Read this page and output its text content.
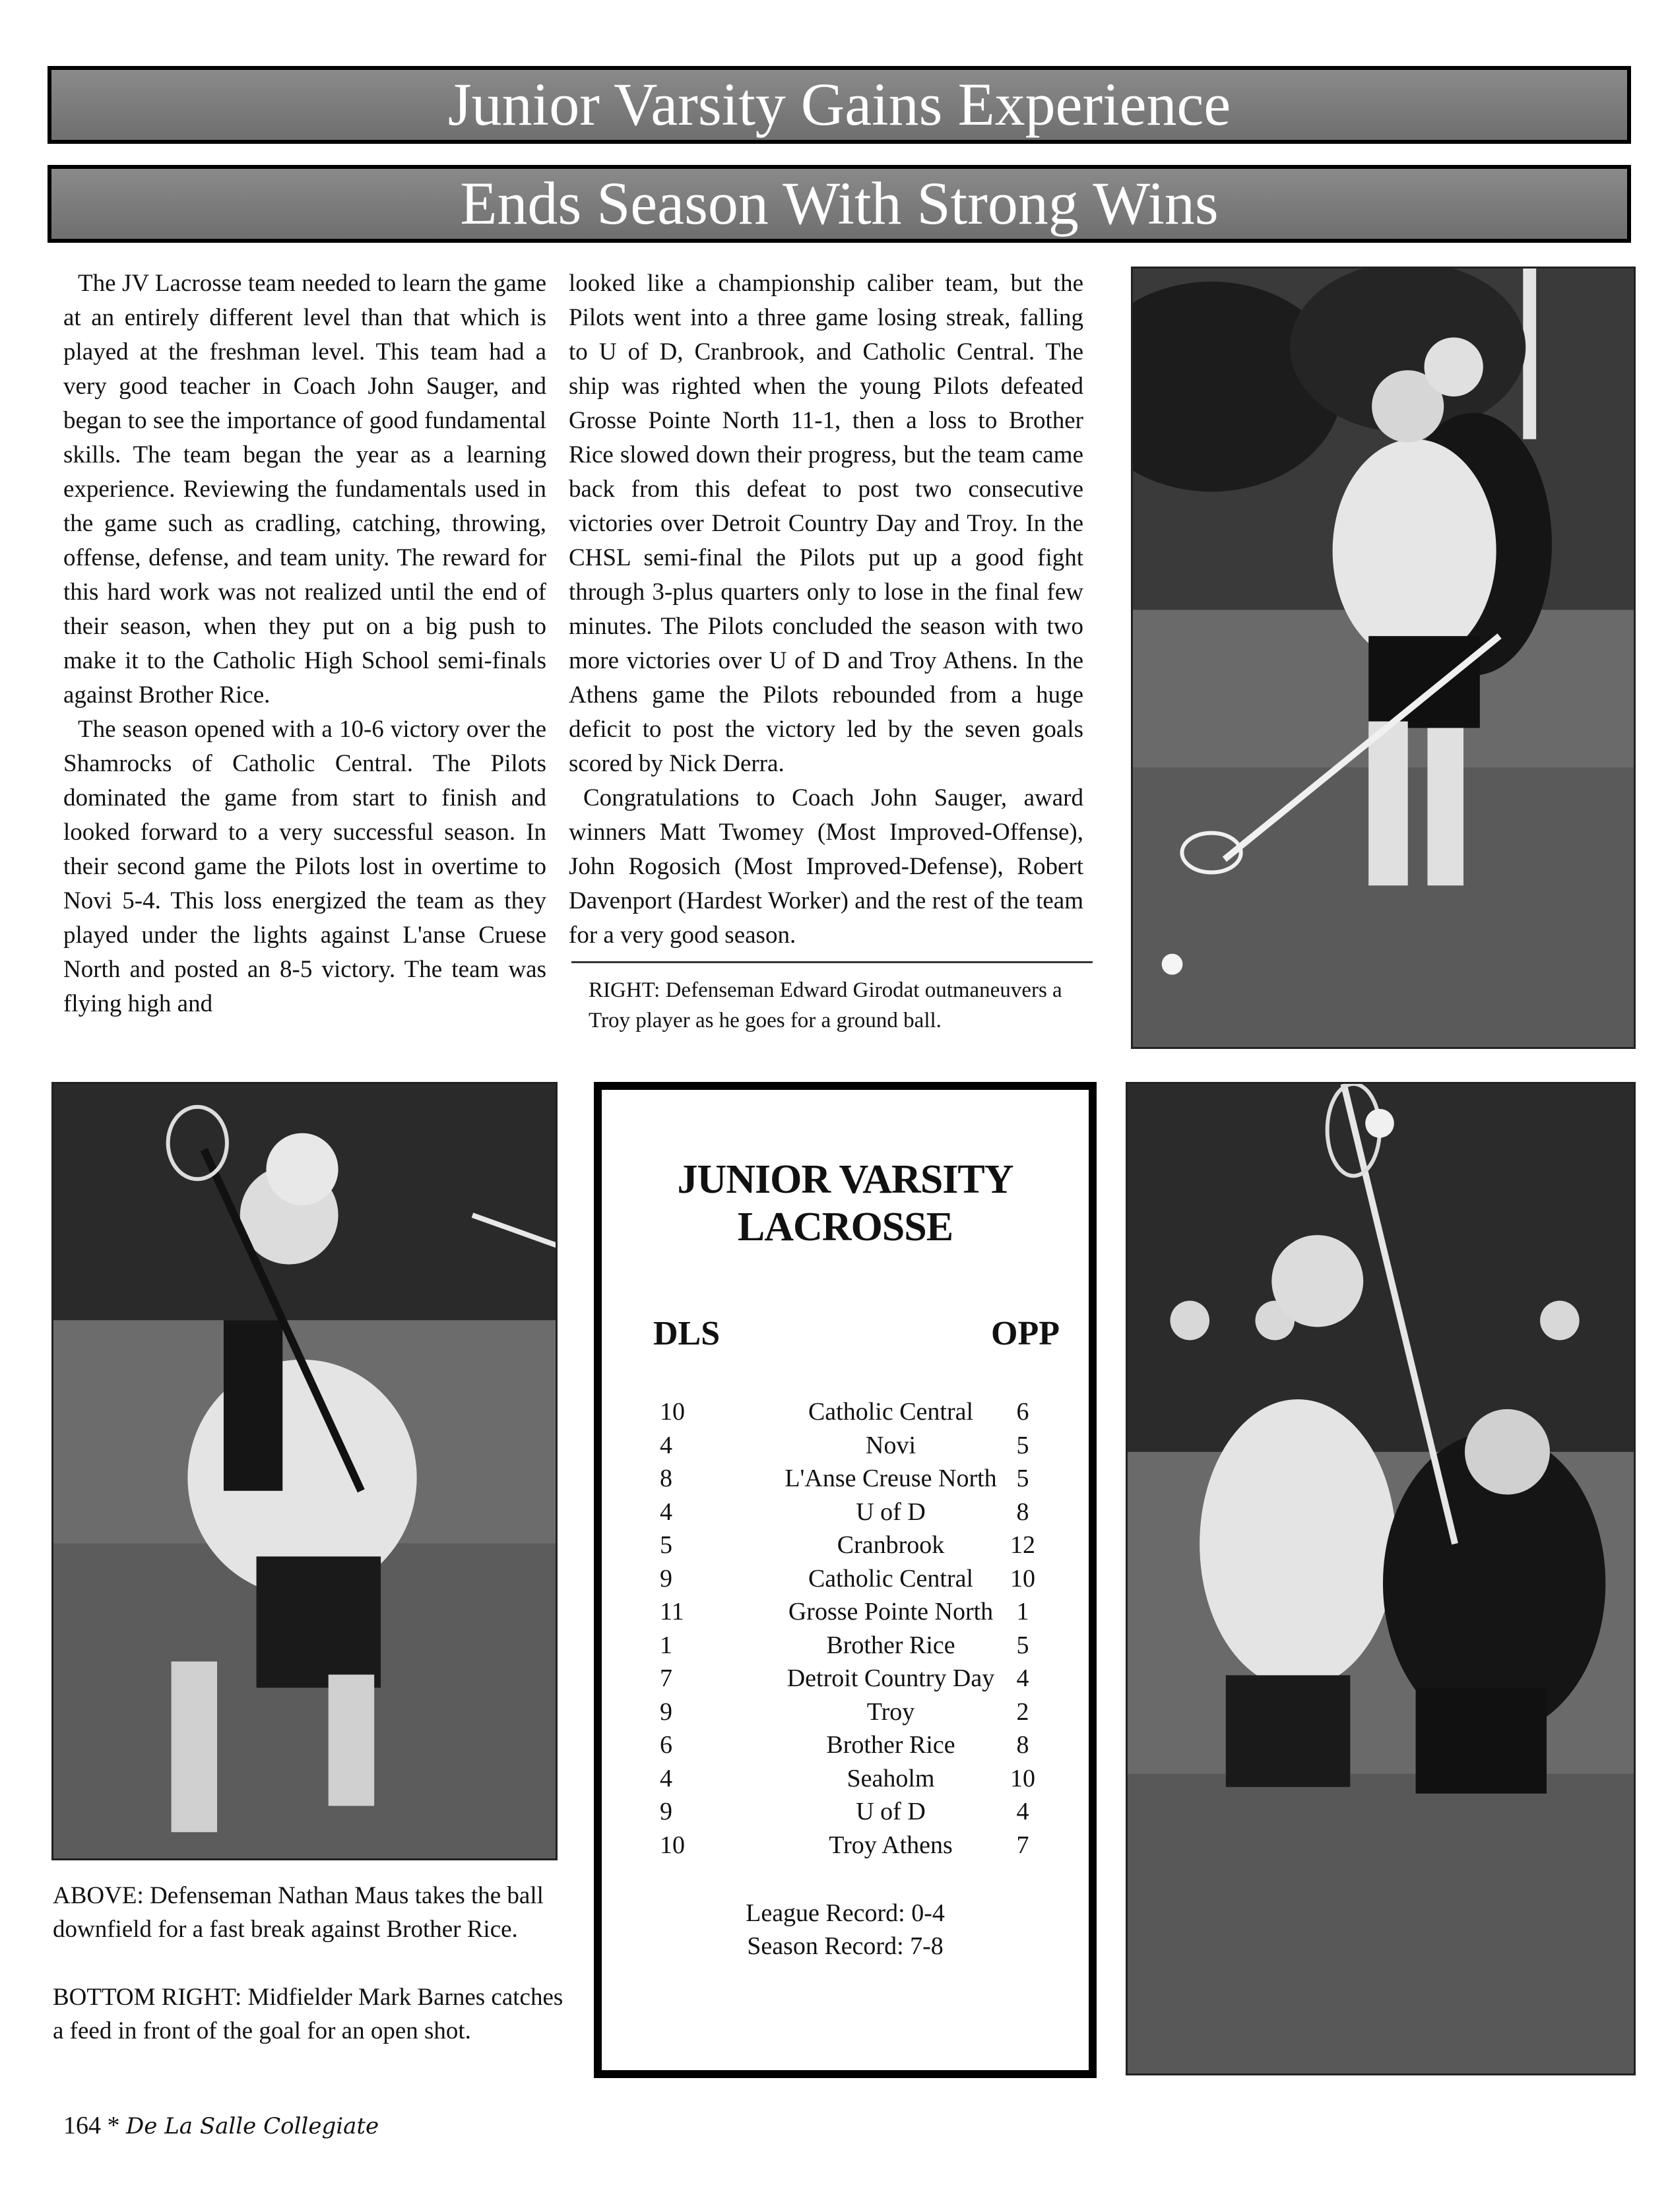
Junior Varsity Gains Experience
Ends Season With Strong Wins

The JV Lacrosse team needed to learn the game at an entirely different level than that which is played at the freshman level. This team had a very good teacher in Coach John Sauger, and began to see the importance of good fundamental skills. The team began the year as a learning experience. Reviewing the fundamentals used in the game such as cradling, catching, throwing, offense, defense, and team unity. The reward for this hard work was not realized until the end of their season, when they put on a big push to make it to the Catholic High School semi-finals against Brother Rice.

The season opened with a 10-6 victory over the Shamrocks of Catholic Central. The Pilots dominated the game from start to finish and looked forward to a very successful season. In their second game the Pilots lost in overtime to Novi 5-4. This loss energized the team as they played under the lights against L'anse Cruese North and posted an 8-5 victory. The team was flying high and

looked like a championship caliber team, but the Pilots went into a three game losing streak, falling to U of D, Cranbrook, and Catholic Central. The ship was righted when the young Pilots defeated Grosse Pointe North 11-1, then a loss to Brother Rice slowed down their progress, but the team came back from this defeat to post two consecutive victories over Detroit Country Day and Troy. In the CHSL semi-final the Pilots put up a good fight through 3-plus quarters only to lose in the final few minutes. The Pilots concluded the season with two more victories over U of D and Troy Athens. In the Athens game the Pilots rebounded from a huge deficit to post the victory led by the seven goals scored by Nick Derra.

Congratulations to Coach John Sauger, award winners Matt Twomey (Most Improved-Offense), John Rogosich (Most Improved-Defense), Robert Davenport (Hardest Worker) and the rest of the team for a very good season.

RIGHT: Defenseman Edward Girodat outmaneuvers a Troy player as he goes for a ground ball.
ABOVE: Defenseman Nathan Maus takes the ball downfield for a fast break against Brother Rice.
BOTTOM RIGHT: Midfielder Mark Barnes catches a feed in front of the goal for an open shot.
JUNIOR VARSITY
LACROSSE
DLS	OPP
10	Catholic Central	6
4	Novi	5
8	L'Anse Creuse North 5
4	U of D	8
5	Cranbrook	12
9	Catholic Central	10
11	Grosse Pointe North 1
1	Brother Rice	5
7	Detroit Country Day 4
9	Troy	2
6	Brother Rice	8
4	Seaholm	10
9	U of D	4
10	Troy Athens	7
League Record: 0-4
Season Record: 7-8
164 * De La Salle Collegiate
